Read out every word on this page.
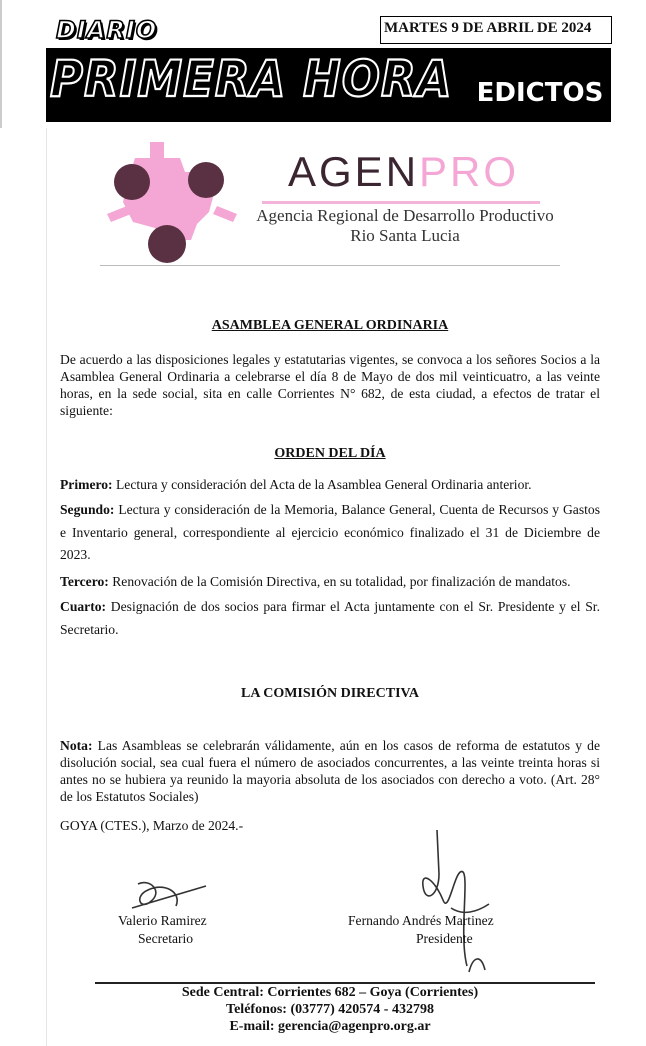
DIARIO	MARTES 9 DE ABRIL DE 2024
PRIMERA HORA EDICTOS
AGENPRO
Agencia Regional de Desarrollo Productivo
Rio Santa Lucia
ASAMBLEA GENERAL ORDINARIA
De acuerdo a las disposiciones legales y estatutarias vigentes, se convoca a los señores Socios a la Asamblea General Ordinaria a celebrarse el día 8 de Mayo de dos mil veinticuatro, a las veinte horas, en la sede social, sita en calle Corrientes N° 682, de esta ciudad, a efectos de tratar el siguiente:
ORDEN DEL DÍA
Primero: Lectura y consideración del Acta de la Asamblea General Ordinaria anterior.
Segundo: Lectura y consideración de la Memoria, Balance General, Cuenta de Recursos y Gastos e Inventario general, correspondiente al ejercicio económico finalizado el 31 de Diciembre de 2023.
Tercero: Renovación de la Comisión Directiva, en su totalidad, por finalización de mandatos.
Cuarto: Designación de dos socios para firmar el Acta juntamente con el Sr. Presidente y el Sr. Secretario.
LA COMISIÓN DIRECTIVA
Nota: Las Asambleas se celebrarán válidamente, aún en los casos de reforma de estatutos y de disolución social, sea cual fuera el número de asociados concurrentes, a las veinte treinta horas si antes no se hubiera ya reunido la mayoria absoluta de los asociados con derecho a voto. (Art. 28° de los Estatutos Sociales)
GOYA (CTES.), Marzo de 2024.-
Valerio Ramirez
Secretario
Fernando Andrés Martinez
Presidente
Sede Central: Corrientes 682 – Goya (Corrientes)
Teléfonos: (03777) 420574 - 432798
E-mail: gerencia@agenpro.org.ar
